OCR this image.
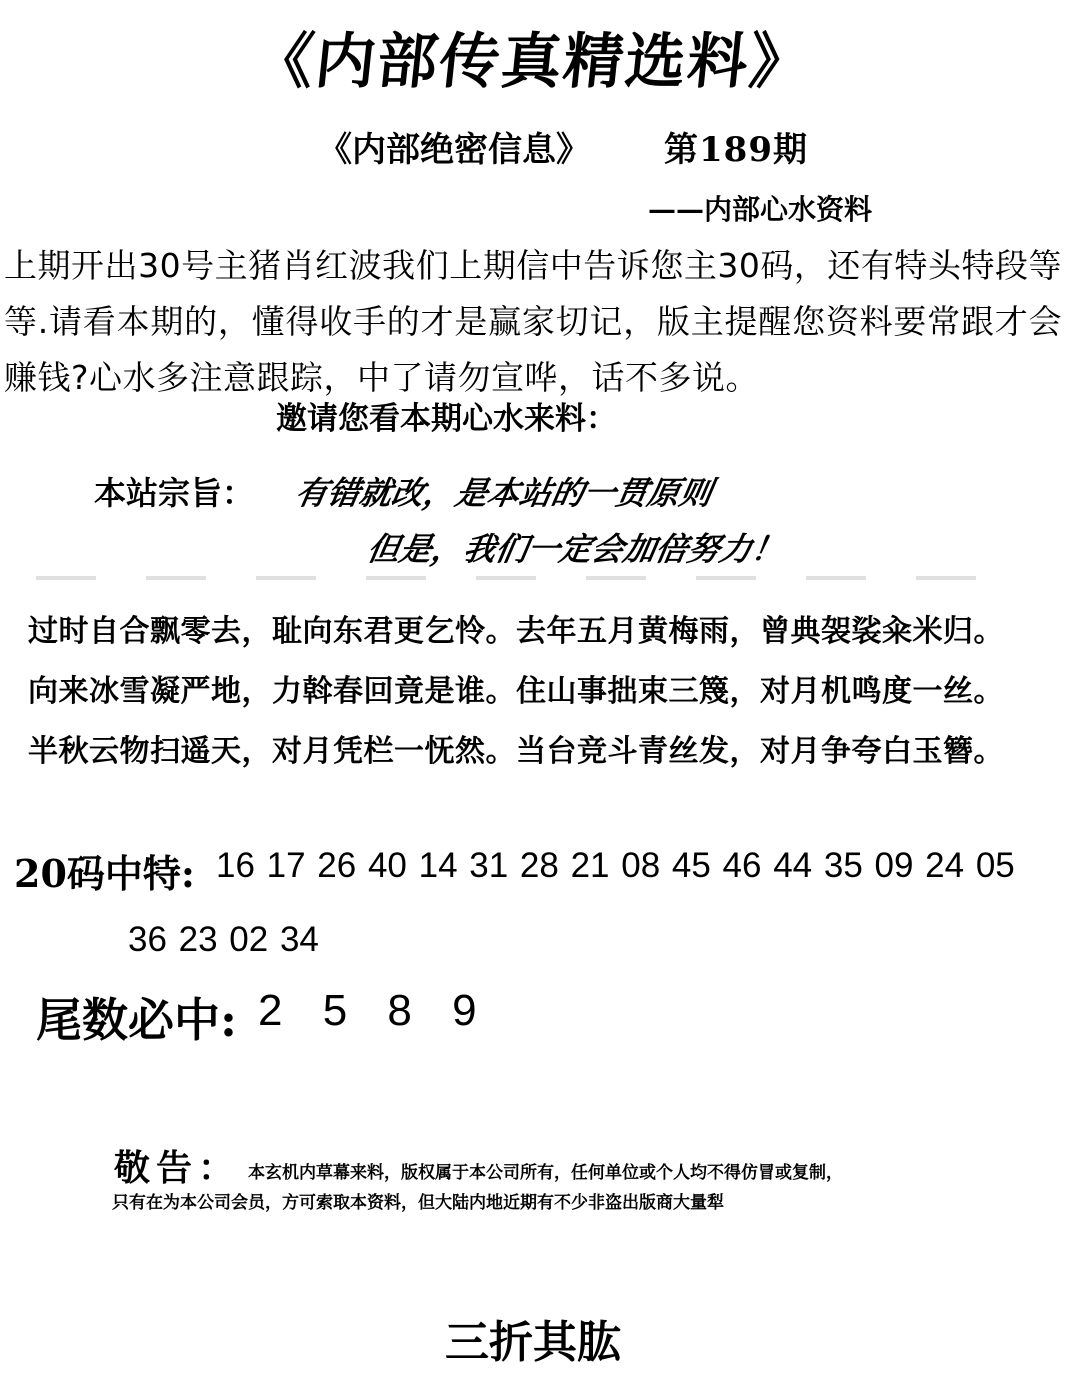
《内部传真精选料》
《内部绝密信息》 第189期
——内部心水资料
上期开出30号主猪肖红波我们上期信中告诉您主30码，还有特头特段等等.请看本期的，懂得收手的才是赢家切记，版主提醒您资料要常跟才会赚钱?心水多注意跟踪，中了请勿宣哗，话不多说。
邀请您看本期心水来料：
本站宗旨： 有错就改，是本站的一贯原则
但是，我们一定会加倍努力！
过时自合飘零去，耻向东君更乞怜。去年五月黄梅雨，曾典袈裟籴米归。
向来冰雪凝严地，力斡春回竟是谁。住山事拙束三篾，对月机鸣度一丝。
半秋云物扫遥天，对月凭栏一怃然。当台竞斗青丝发，对月争夸白玉簪。
20码中特: 16 17 26 40 14 31 28 21 08 45 46 44 35 09 24 05
36 23 02 34
尾数必中: 2 5 8 9
敬告： 本玄机内草幕来料，版权属于本公司所有，任何单位或个人均不得仿冒或复制，
只有在为本公司会员，方可索取本资料，但大陆内地近期有不少非盗出版商大量犁
三折其肱
